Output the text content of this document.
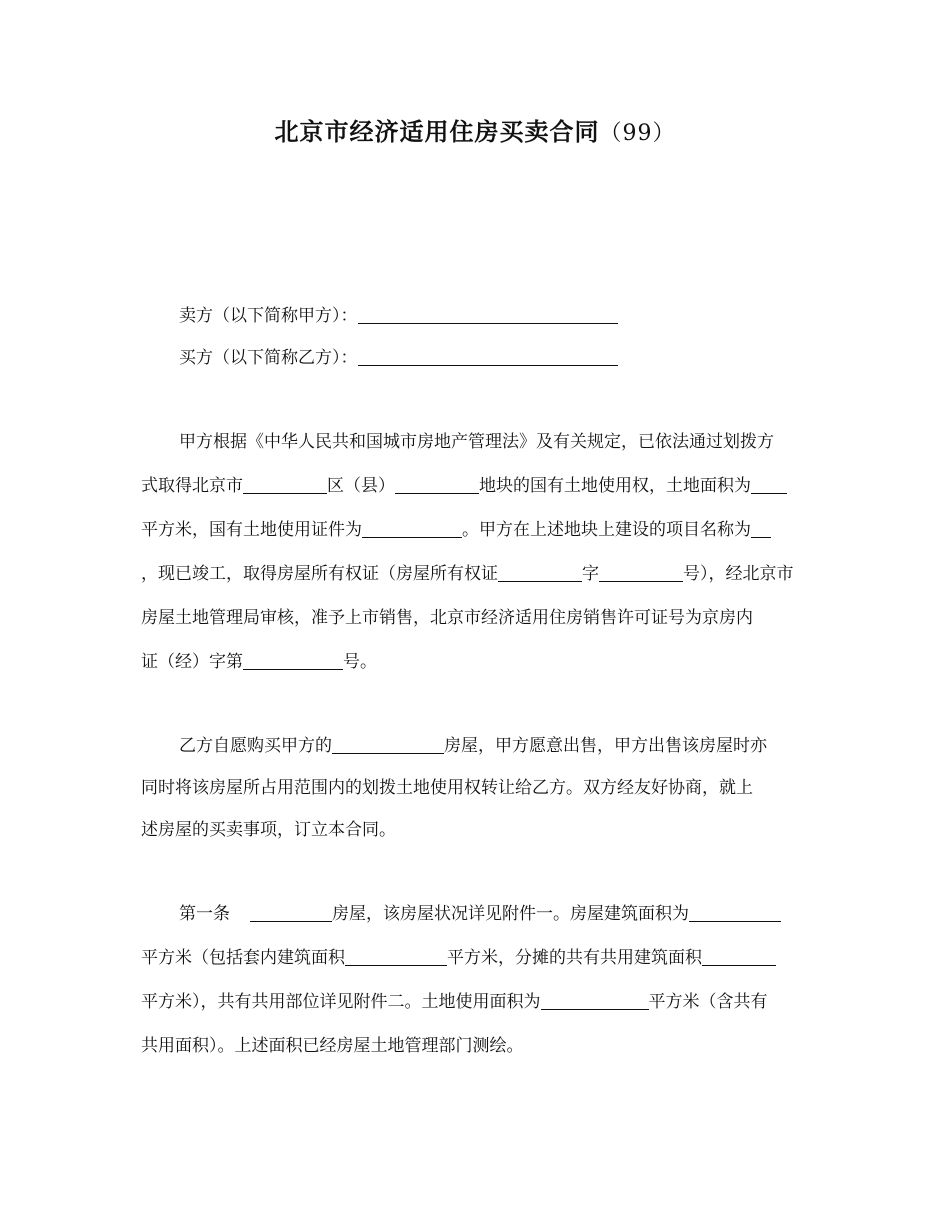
北京市经济适用住房买卖合同（99）
卖方（以下简称甲方）：
买方（以下简称乙方）：
甲方根据《中华人民共和国城市房地产管理法》及有关规定，已依法通过划拨方
式取得北京市	区（县）	地块的国有土地使用权，土地面积为
平方米，国有土地使用证件为	。甲方在上述地块上建设的项目名称为
，现已竣工，取得房屋所有权证（房屋所有权证	字	号），经北京市
房屋土地管理局审核，准予上市销售，北京市经济适用住房销售许可证号为京房内
证（经）字第	号。
乙方自愿购买甲方的	房屋，甲方愿意出售，甲方出售该房屋时亦
同时将该房屋所占用范围内的划拨土地使用权转让给乙方。双方经友好协商，就上
述房屋的买卖事项，订立本合同。
第一条	房屋，该房屋状况详见附件一。房屋建筑面积为
平方米（包括套内建筑面积	平方米，分摊的共有共用建筑面积
平方米），共有共用部位详见附件二。土地使用面积为	平方米（含共有
共用面积）。上述面积已经房屋土地管理部门测绘。
